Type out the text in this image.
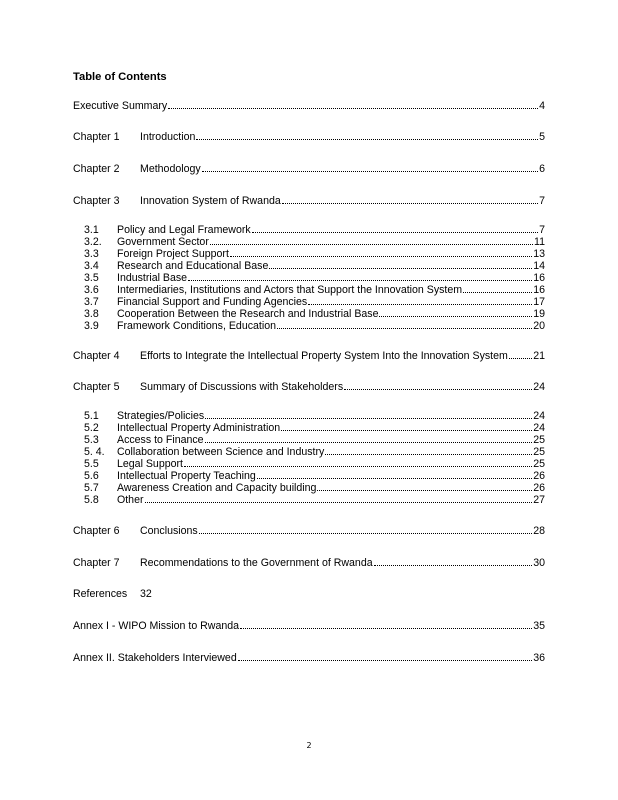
Table of Contents
Executive Summary	4
Chapter 1	Introduction	5
Chapter 2	Methodology	6
Chapter 3	Innovation System of Rwanda	7
3.1	Policy and Legal Framework	7
3.2.	Government Sector	11
3.3	Foreign Project Support	13
3.4	Research and Educational Base	14
3.5	Industrial Base	16
3.6	Intermediaries, Institutions and Actors that Support the Innovation System	16
3.7	Financial Support and Funding Agencies	17
3.8	Cooperation Between the Research and Industrial Base	19
3.9	Framework Conditions, Education	20
Chapter 4	Efforts to Integrate the Intellectual Property System Into the Innovation System 21
Chapter 5	Summary of Discussions with Stakeholders	24
5.1	Strategies/Policies	24
5.2	Intellectual Property Administration	24
5.3	Access to Finance	25
5. 4.	Collaboration between Science and Industry	25
5.5	Legal Support	25
5.6	Intellectual Property Teaching	26
5.7	Awareness Creation and Capacity building	26
5.8	Other	27
Chapter 6	Conclusions	28
Chapter 7	Recommendations to the Government of Rwanda	30
References	32
Annex I - WIPO Mission to Rwanda	35
Annex II. Stakeholders Interviewed	36
2
